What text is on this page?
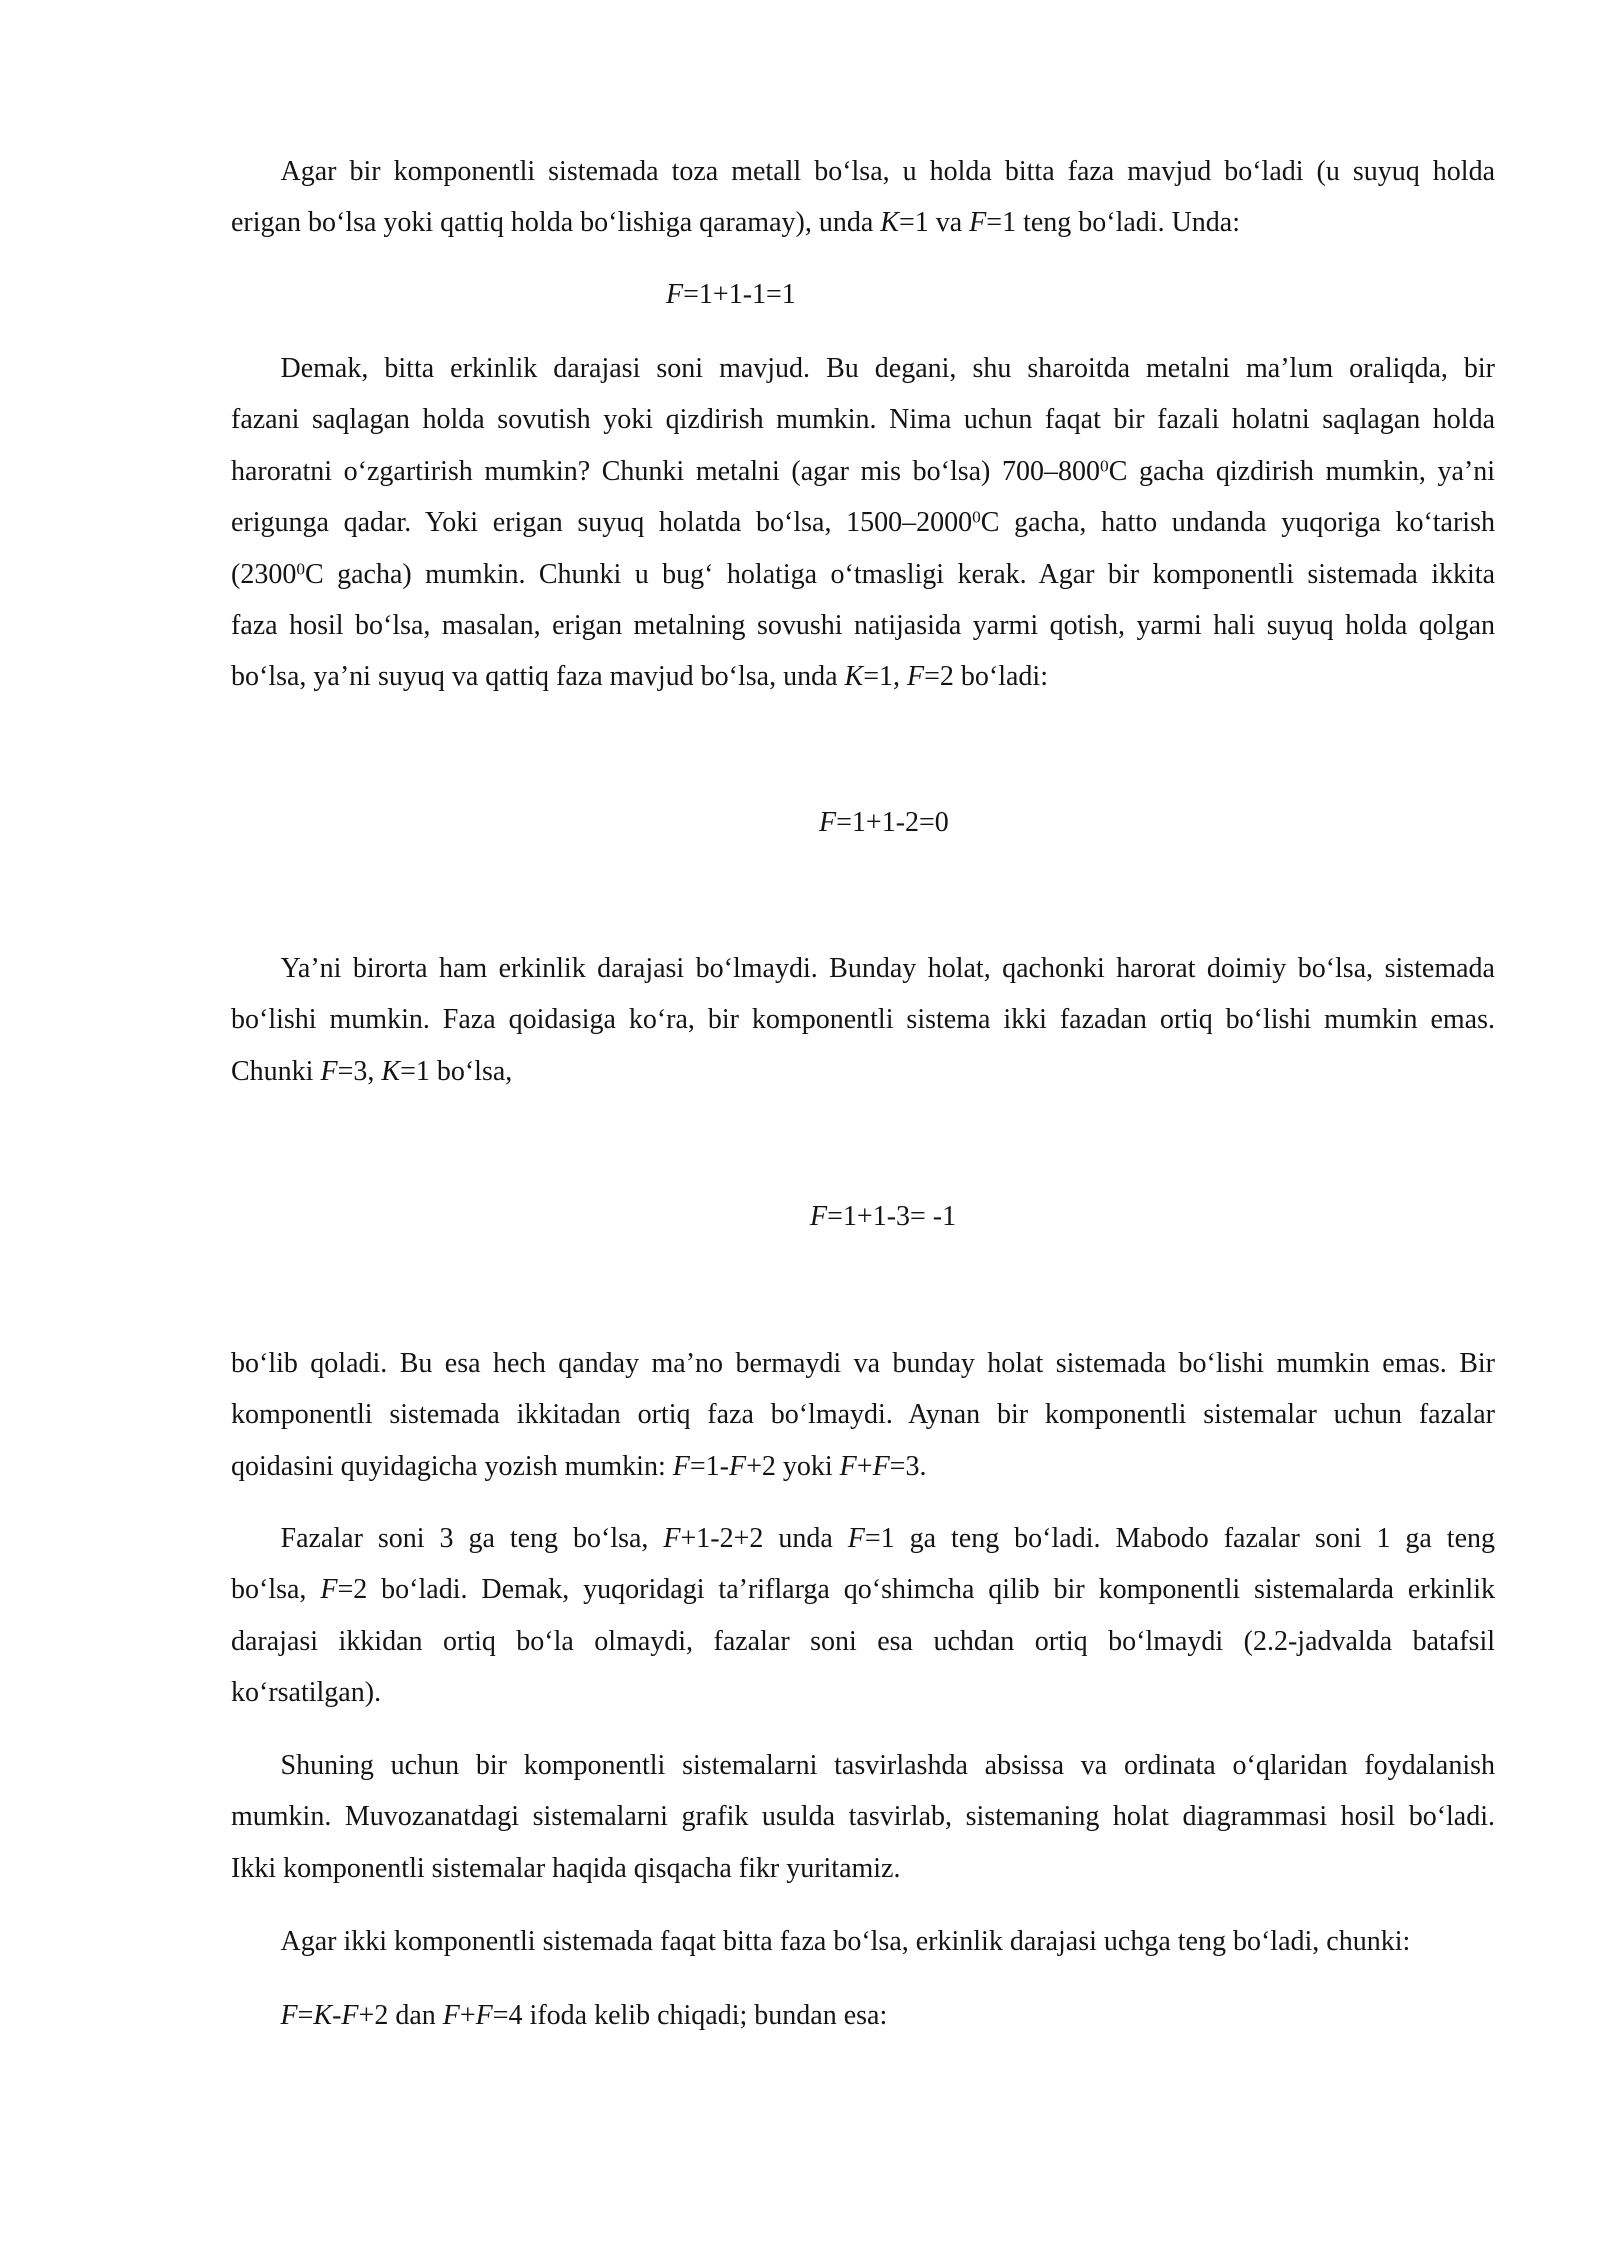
Agar bir komponentli sistemada toza metall bo‘lsa, u holda bitta faza mavjud bo‘ladi (u suyuq holda
erigan bo‘lsa yoki qattiq holda bo‘lishiga qaramay), unda K=1 va F=1 teng bo‘ladi. Unda:
F=1+1-1=1
Demak, bitta erkinlik darajasi soni mavjud. Bu degani, shu sharoitda metalni ma’lum oraliqda, bir
fazani saqlagan holda sovutish yoki qizdirish mumkin. Nima uchun faqat bir fazali holatni saqlagan holda
haroratni o‘zgartirish mumkin? Chunki metalni (agar mis bo‘lsa) $700-800^0C$ gacha qizdirish mumkin, ya’ni
erigunga qadar. Yoki erigan suyuq holatda bo‘lsa, 1500–2000$^0$C gacha, hatto undanda yuqoriga ko‘tarish
(2300$^0$C gacha) mumkin. Chunki u bug‘ holatiga o‘tmasligi kerak. Agar bir komponentli sistemada ikkita
faza hosil bo‘lsa, masalan, erigan metalning sovushi natijasida yarmi qotish, yarmi hali suyuq holda qolgan
bo‘lsa, ya’ni suyuq va qattiq faza mavjud bo‘lsa, unda K=1, F=2 bo‘ladi:
F=1+1-2=0
Ya’ni birorta ham erkinlik darajasi bo‘lmaydi. Bunday holat, qachonki harorat doimiy bo‘lsa, sistemada
bo‘lishi mumkin. Faza qoidasiga ko‘ra, bir komponentli sistema ikki fazadan ortiq bo‘lishi mumkin emas.
Chunki F=3, K=1 bo‘lsa,
F=1+1-3= -1
bo‘lib qoladi. Bu esa hech qanday ma’no bermaydi va bunday holat sistemada bo‘lishi mumkin emas. Bir
komponentli sistemada ikkitadan ortiq faza bo‘lmaydi. Aynan bir komponentli sistemalar uchun fazalar
qoidasini quyidagicha yozish mumkin: F=1-F+2 yoki F+F=3.
Fazalar soni 3 ga teng bo‘lsa, F+1-2+2 unda F=1 ga teng bo‘ladi. Mabodo fazalar soni 1 ga teng
bo‘lsa, F=2 bo‘ladi. Demak, yuqoridagi ta’riflarga qo‘shimcha qilib bir komponentli sistemalarda erkinlik
darajasi ikkidan ortiq bo‘la olmaydi, fazalar soni esa uchdan ortiq bo‘lmaydi (2.2-jadvalda batafsil
ko‘rsatilgan).
Shuning uchun bir komponentli sistemalarni tasvirlashda absissa va ordinata o‘qlaridan foydalanish
mumkin. Muvozanatdagi sistemalarni grafik usulda tasvirlab, sistemaning holat diagrammasi hosil bo‘ladi.
Ikki komponentli sistemalar haqida qisqacha fikr yuritamiz.
Agar ikki komponentli sistemada faqat bitta faza bo‘lsa, erkinlik darajasi uchga teng bo‘ladi, chunki:
F=K-F+2 dan F+F=4 ifoda kelib chiqadi; bundan esa:
